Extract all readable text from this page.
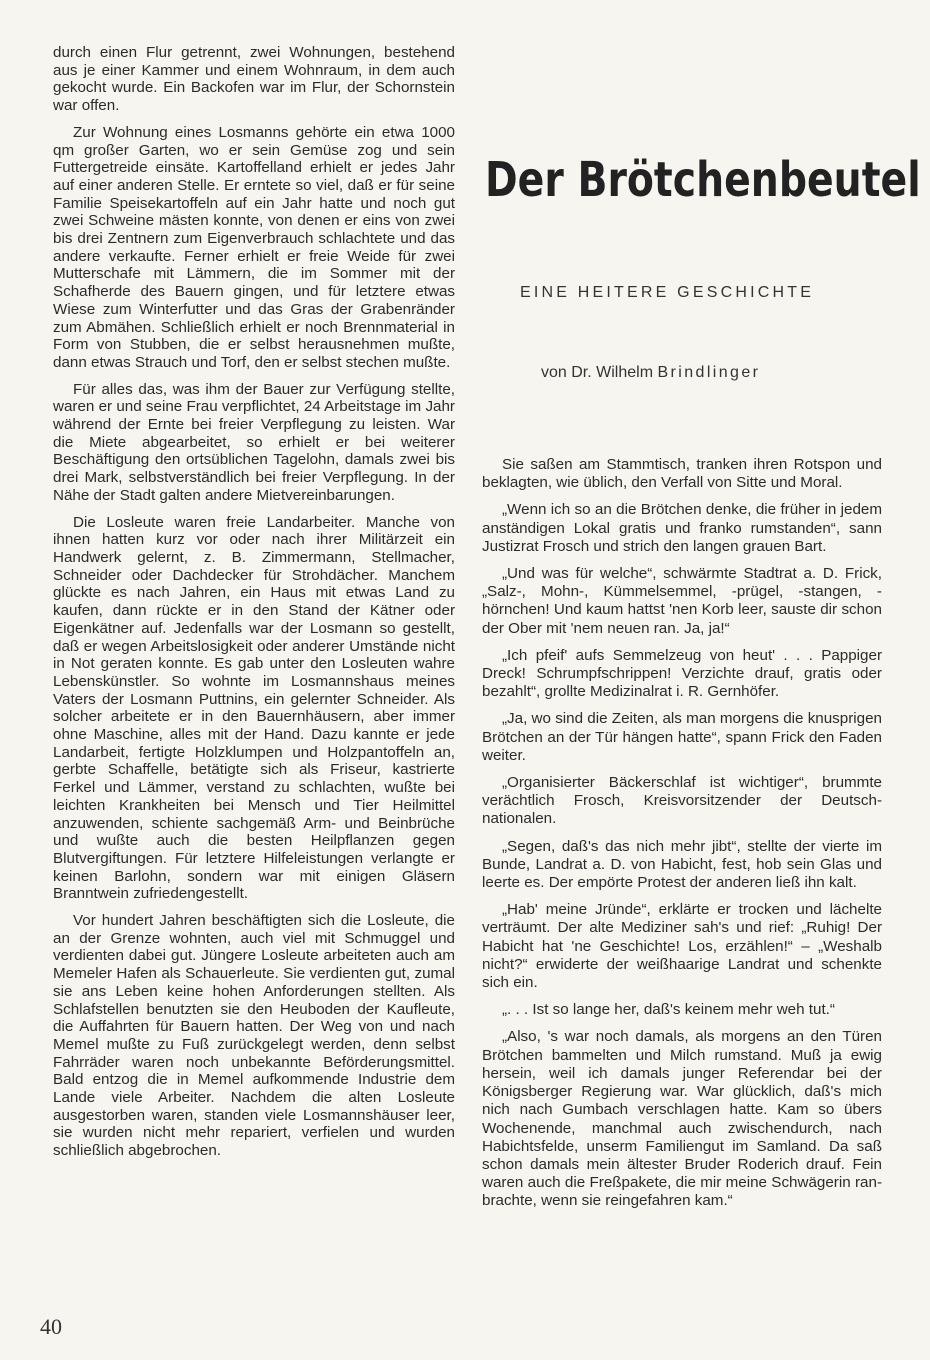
durch einen Flur getrennt, zwei Wohnungen, bestehend aus je einer Kammer und einem Wohnraum, in dem auch gekocht wurde. Ein Backofen war im Flur, der Schornstein war offen.

Zur Wohnung eines Losmanns gehörte ein etwa 1000 qm großer Garten, wo er sein Gemüse zog und sein Futtergetreide einsäte. Kartoffelland erhielt er jedes Jahr auf einer anderen Stelle. Er erntete so viel, daß er für seine Familie Speisekartoffeln auf ein Jahr hatte und noch gut zwei Schweine mästen konnte, von denen er eins von zwei bis drei Zentnern zum Eigenverbrauch schlachtete und das andere verkaufte. Ferner erhielt er freie Weide für zwei Mutterschafe mit Lämmern, die im Sommer mit der Schafherde des Bauern gingen, und für letztere etwas Wiese zum Winterfutter und das Gras der Grabenränder zum Abmähen. Schließlich erhielt er noch Brennmaterial in Form von Stubben, die er selbst herausnehmen mußte, dann etwas Strauch und Torf, den er selbst stechen mußte.

Für alles das, was ihm der Bauer zur Verfügung stellte, waren er und seine Frau verpflichtet, 24 Arbeitstage im Jahr während der Ernte bei freier Verpflegung zu leisten. War die Miete abgearbeitet, so erhielt er bei weiterer Beschäftigung den ortsüblichen Tagelohn, damals zwei bis drei Mark, selbstverständlich bei freier Verpflegung. In der Nähe der Stadt galten andere Mietvereinbarungen.

Die Losleute waren freie Landarbeiter. Manche von ihnen hatten kurz vor oder nach ihrer Militärzeit ein Handwerk gelernt, z. B. Zimmermann, Stellmacher, Schneider oder Dachdecker für Strohdächer. Manchem glückte es nach Jahren, ein Haus mit etwas Land zu kaufen, dann rückte er in den Stand der Kätner oder Eigenkätner auf. Jedenfalls war der Losmann so gestellt, daß er wegen Arbeitslosigkeit oder anderer Umstände nicht in Not geraten konnte. Es gab unter den Losleuten wahre Lebenskünstler. So wohnte im Losmannshaus meines Vaters der Losmann Puttnins, ein gelernter Schneider. Als solcher arbeitete er in den Bauernhäusern, aber immer ohne Maschine, alles mit der Hand. Dazu kannte er jede Landarbeit, fertigte Holzklumpen und Holzpantoffeln an, gerbte Schaffelle, betätigte sich als Friseur, kastrierte Ferkel und Lämmer, verstand zu schlachten, wußte bei leichten Krankheiten bei Mensch und Tier Heilmittel anzuwenden, schiente sachgemäß Arm- und Beinbrüche und wußte auch die besten Heilpflanzen gegen Blutvergiftungen. Für letztere Hilfeleistungen verlangte er keinen Barlohn, sondern war mit einigen Gläsern Branntwein zufriedengestellt.

Vor hundert Jahren beschäftigten sich die Losleute, die an der Grenze wohnten, auch viel mit Schmuggel und verdienten dabei gut. Jüngere Losleute arbeiteten auch am Memeler Hafen als Schauerleute. Sie verdienten gut, zumal sie ans Leben keine hohen Anforderungen stellten. Als Schlafstellen benutzten sie den Heuboden der Kaufleute, die Auffahrten für Bauern hatten. Der Weg von und nach Memel mußte zu Fuß zurückgelegt werden, denn selbst Fahrräder waren noch unbekannte Beförderungsmittel. Bald entzog die in Memel aufkommende Industrie dem Lande viele Arbeiter. Nachdem die alten Losleute ausgestorben waren, standen viele Losmannshäuser leer, sie wurden nicht mehr repariert, verfielen und wurden schließlich abgebrochen.

Der Brötchenbeutel
EINE HEITERE GESCHICHTE
von Dr. Wilhelm Brindlinger

Sie saßen am Stammtisch, tranken ihren Rotspon und beklagten, wie üblich, den Verfall von Sitte und Moral.

„Wenn ich so an die Brötchen denke, die früher in jedem anständigen Lokal gratis und franko rumstanden“, sann Justizrat Frosch und strich den langen grauen Bart.

„Und was für welche“, schwärmte Stadtrat a. D. Frick, „Salz-, Mohn-, Kümmelsemmel, -prügel, -stangen, -hörnchen! Und kaum hattst 'nen Korb leer, sauste dir schon der Ober mit 'nem neuen ran. Ja, ja!“

„Ich pfeif' aufs Semmelzeug von heut' . . . Pappiger Dreck! Schrumpfschrippen! Verzichte drauf, gratis oder bezahlt“, grollte Medizinalrat i. R. Gernhöfer.

„Ja, wo sind die Zeiten, als man morgens die knusprigen Brötchen an der Tür hängen hatte“, spann Frick den Faden weiter.

„Organisierter Bäckerschlaf ist wichtiger“, brummte verächtlich Frosch, Kreisvorsitzender der Deutschnationalen.

„Segen, daß's das nich mehr jibt“, stellte der vierte im Bunde, Landrat a. D. von Habicht, fest, hob sein Glas und leerte es. Der empörte Protest der anderen ließ ihn kalt.

„Hab' meine Jründe“, erklärte er trocken und lächelte verträumt. Der alte Mediziner sah's und rief: „Ruhig! Der Habicht hat 'ne Geschichte! Los, erzählen!“ – „Weshalb nicht?“ erwiderte der weißhaarige Landrat und schenkte sich ein.

„. . . Ist so lange her, daß's keinem mehr weh tut.“

„Also, 's war noch damals, als morgens an den Türen Brötchen bammelten und Milch rumstand. Muß ja ewig hersein, weil ich damals junger Referendar bei der Königsberger Regierung war. War glücklich, daß's mich nich nach Gumbach verschlagen hatte. Kam so übers Wochenende, manchmal auch zwischendurch, nach Habichtsfelde, unserm Familiengut im Samland. Da saß schon damals mein ältester Bruder Roderich drauf. Fein waren auch die Freßpakete, die mir meine Schwägerin ranbrachte, wenn sie reingefahren kam.“

40
